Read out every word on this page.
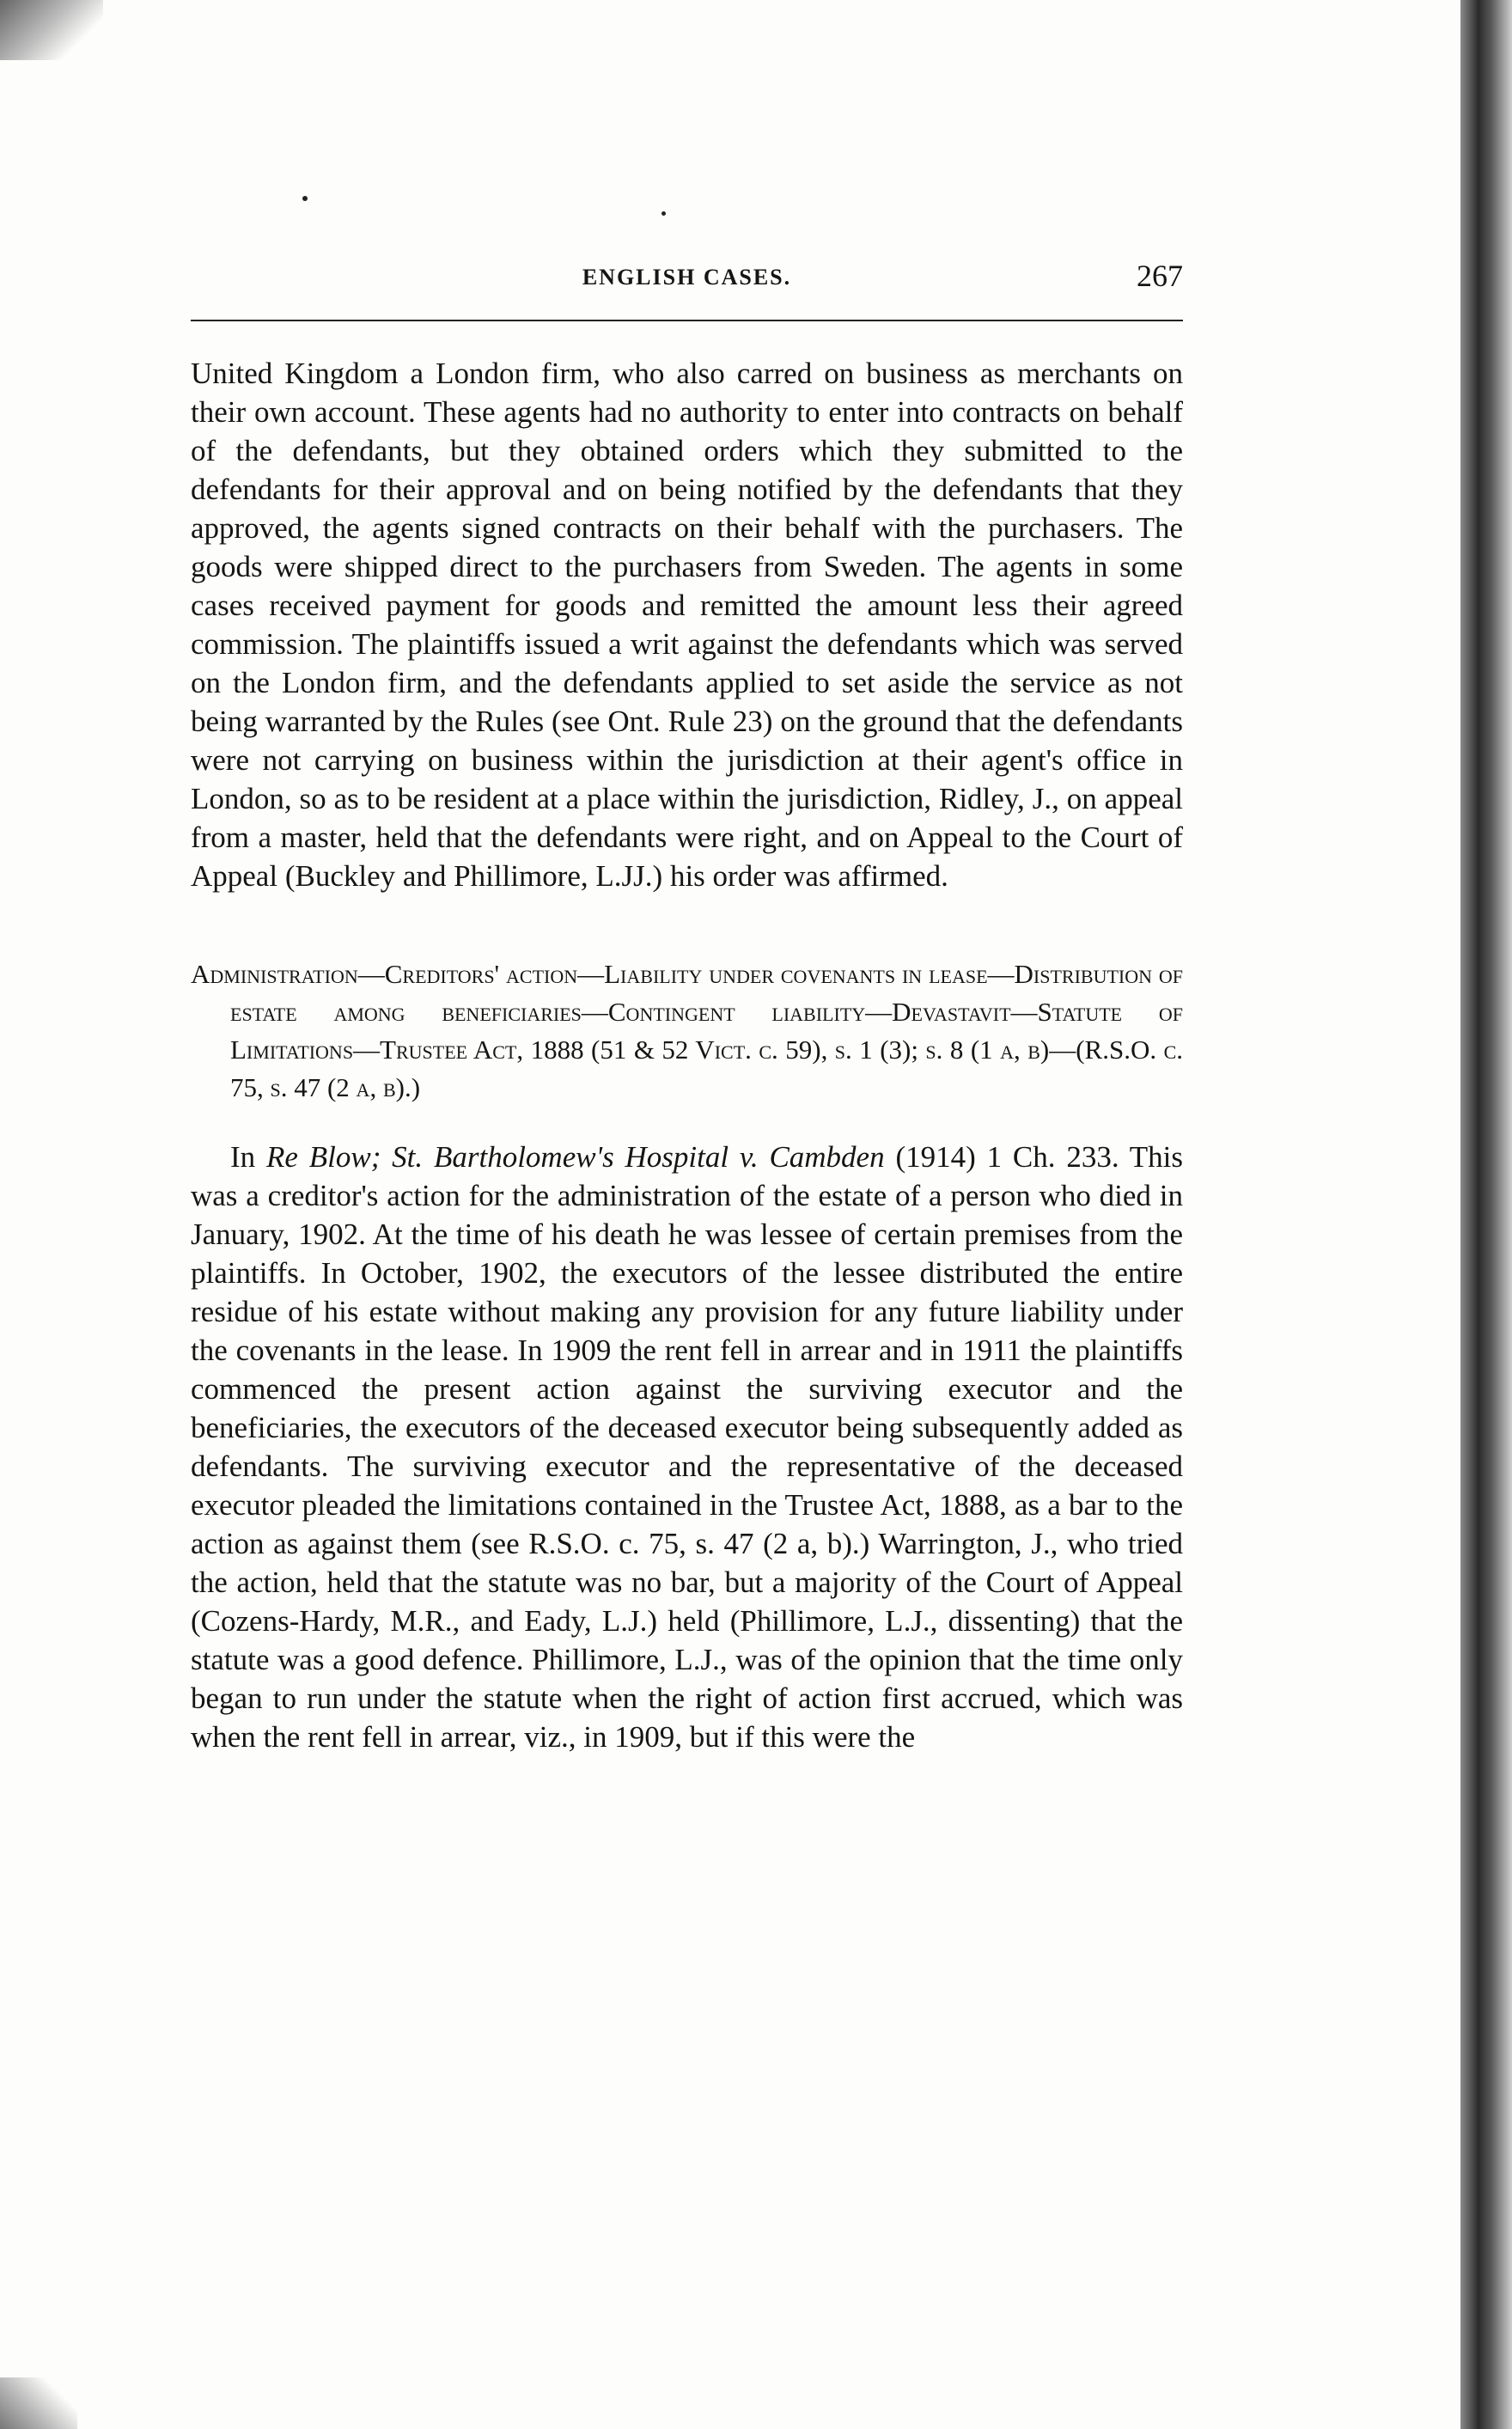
ENGLISH CASES.	267

United Kingdom a London firm, who also carred on business as merchants on their own account. These agents had no authority to enter into contracts on behalf of the defendants, but they obtained orders which they submitted to the defendants for their approval and on being notified by the defendants that they approved, the agents signed contracts on their behalf with the purchasers. The goods were shipped direct to the purchasers from Sweden. The agents in some cases received payment for goods and remitted the amount less their agreed commission. The plaintiffs issued a writ against the defendants which was served on the London firm, and the defendants applied to set aside the service as not being warranted by the Rules (see Ont. Rule 23) on the ground that the defendants were not carrying on business within the jurisdiction at their agent's office in London, so as to be resident at a place within the jurisdiction, Ridley, J., on appeal from a master, held that the defendants were right, and on Appeal to the Court of Appeal (Buckley and Phillimore, L.JJ.) his order was affirmed.

Administration—Creditors' action—Liability under covenants in lease—Distribution of estate among beneficiaries—Contingent liability—Devastavit—Statute of Limitations—Trustee Act, 1888 (51 & 52 Vict. c. 59), s. 1 (3); s. 8 (1 a, b)—(R.S.O. c. 75, s. 47 (2 a, b).)

In Re Blow; St. Bartholomew's Hospital v. Cambden (1914) 1 Ch. 233. This was a creditor's action for the administration of the estate of a person who died in January, 1902. At the time of his death he was lessee of certain premises from the plaintiffs. In October, 1902, the executors of the lessee distributed the entire residue of his estate without making any provision for any future liability under the covenants in the lease. In 1909 the rent fell in arrear and in 1911 the plaintiffs commenced the present action against the surviving executor and the beneficiaries, the executors of the deceased executor being subsequently added as defendants. The surviving executor and the representative of the deceased executor pleaded the limitations contained in the Trustee Act, 1888, as a bar to the action as against them (see R.S.O. c. 75, s. 47 (2 a, b).) Warrington, J., who tried the action, held that the statute was no bar, but a majority of the Court of Appeal (Cozens-Hardy, M.R., and Eady, L.J.) held (Phillimore, L.J., dissenting) that the statute was a good defence. Phillimore, L.J., was of the opinion that the time only began to run under the statute when the right of action first accrued, which was when the rent fell in arrear, viz., in 1909, but if this were the
